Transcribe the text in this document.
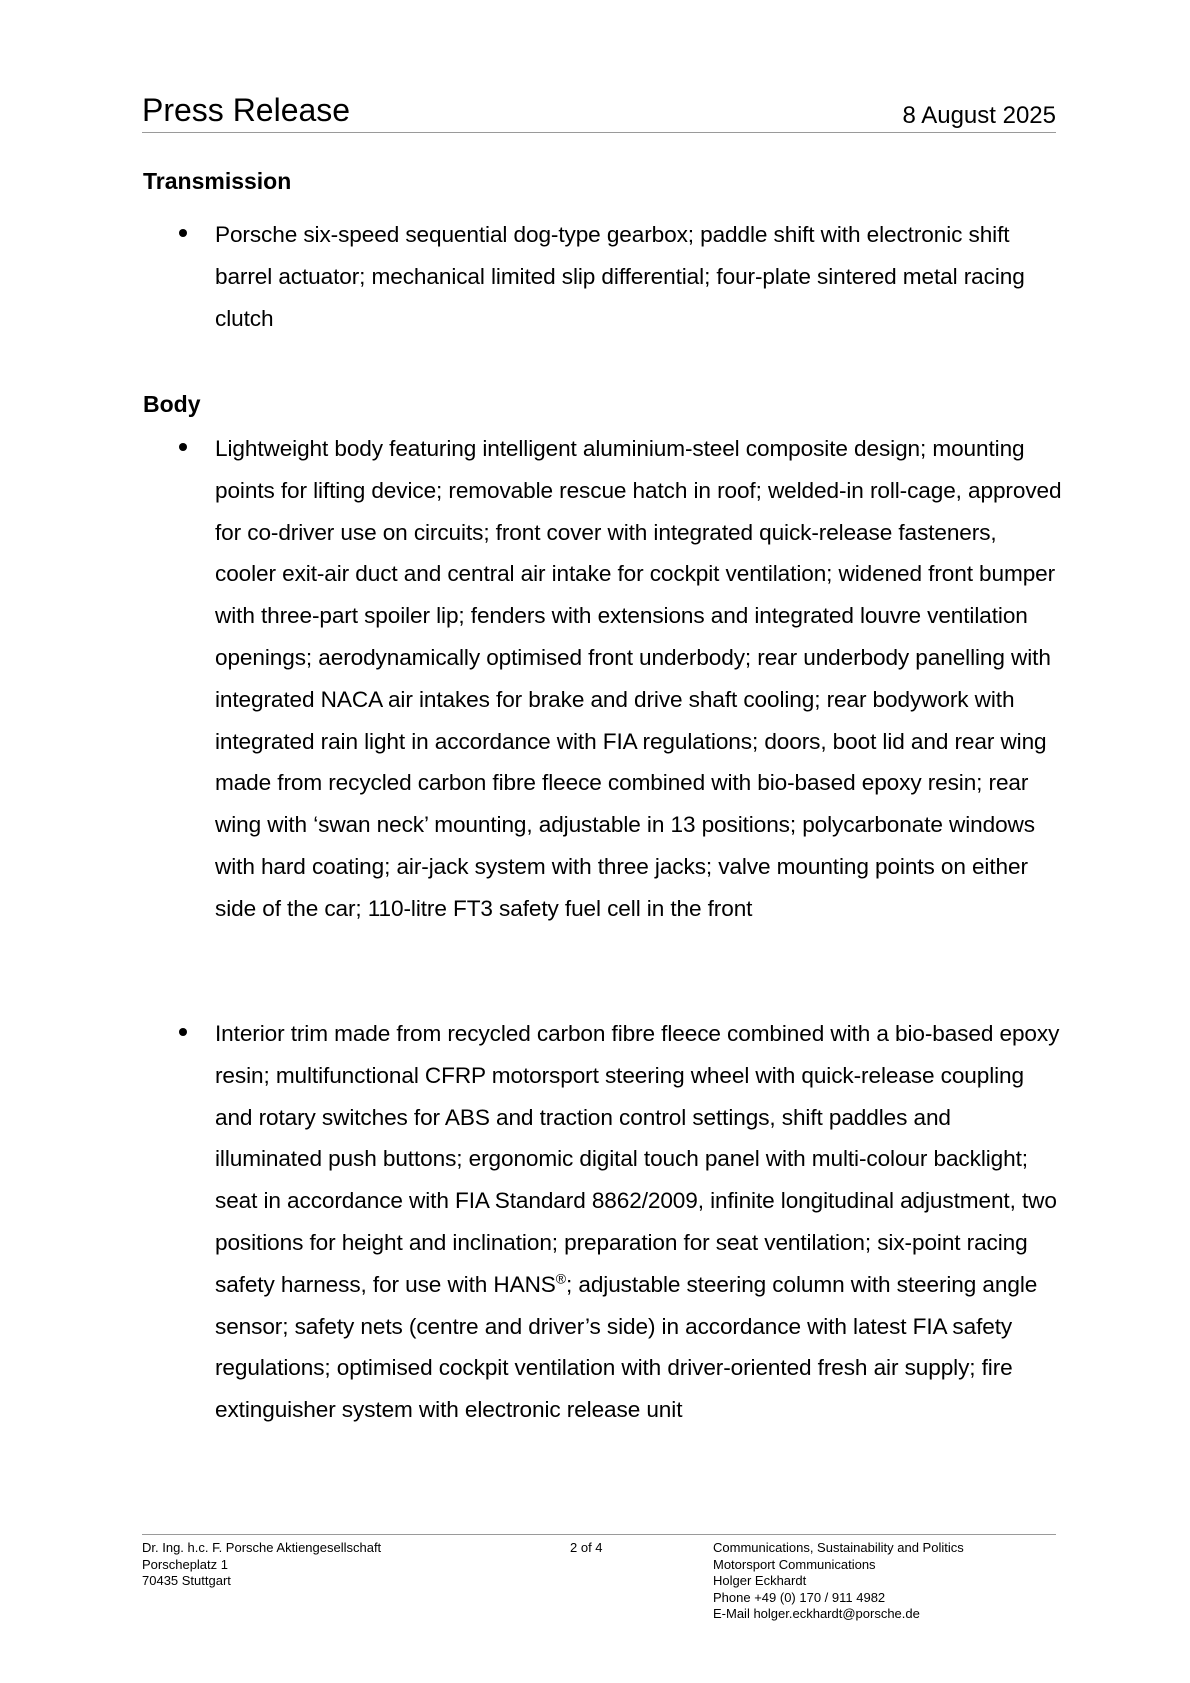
Press Release	8 August 2025
Transmission
Porsche six-speed sequential dog-type gearbox; paddle shift with electronic shift barrel actuator; mechanical limited slip differential; four-plate sintered metal racing clutch
Body
Lightweight body featuring intelligent aluminium-steel composite design; mounting points for lifting device; removable rescue hatch in roof; welded-in roll-cage, approved for co-driver use on circuits; front cover with integrated quick-release fasteners, cooler exit-air duct and central air intake for cockpit ventilation; widened front bumper with three-part spoiler lip; fenders with extensions and integrated louvre ventilation openings; aerodynamically optimised front underbody; rear underbody panelling with integrated NACA air intakes for brake and drive shaft cooling; rear bodywork with integrated rain light in accordance with FIA regulations; doors, boot lid and rear wing made from recycled carbon fibre fleece combined with bio-based epoxy resin; rear wing with ‘swan neck’ mounting, adjustable in 13 positions; polycarbonate windows with hard coating; air-jack system with three jacks; valve mounting points on either side of the car; 110-litre FT3 safety fuel cell in the front
Interior trim made from recycled carbon fibre fleece combined with a bio-based epoxy resin; multifunctional CFRP motorsport steering wheel with quick-release coupling and rotary switches for ABS and traction control settings, shift paddles and illuminated push buttons; ergonomic digital touch panel with multi-colour backlight; seat in accordance with FIA Standard 8862/2009, infinite longitudinal adjustment, two positions for height and inclination; preparation for seat ventilation; six-point racing safety harness, for use with HANS®; adjustable steering column with steering angle sensor; safety nets (centre and driver’s side) in accordance with latest FIA safety regulations; optimised cockpit ventilation with driver-oriented fresh air supply; fire extinguisher system with electronic release unit
Dr. Ing. h.c. F. Porsche Aktiengesellschaft
Porscheplatz 1
70435 Stuttgart
2 of 4	Communications, Sustainability and Politics
Motorsport Communications
Holger Eckhardt
Phone +49 (0) 170 / 911 4982
E-Mail holger.eckhardt@porsche.de
